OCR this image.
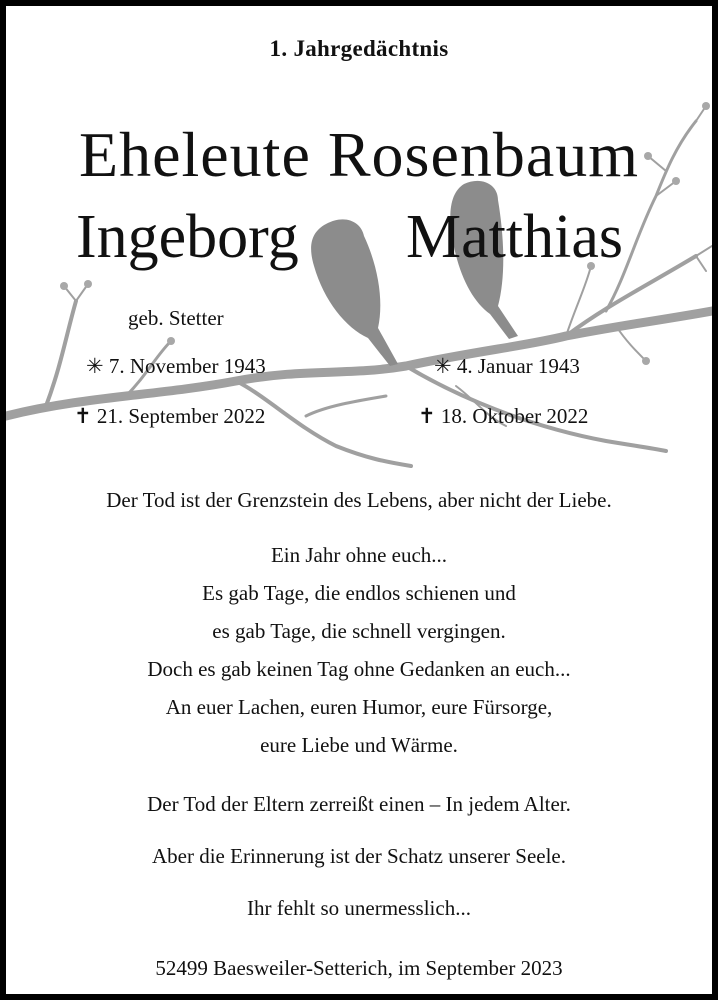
1. Jahrgedächtnis
Eheleute Rosenbaum
Ingeborg Matthias
geb. Stetter
✳ 7. November 1943
✝ 21. September 2022
✳ 4. Januar 1943
✝ 18. Oktober 2022
Der Tod ist der Grenzstein des Lebens, aber nicht der Liebe.
Ein Jahr ohne euch...
Es gab Tage, die endlos schienen und
es gab Tage, die schnell vergingen.
Doch es gab keinen Tag ohne Gedanken an euch...
An euer Lachen, euren Humor, eure Fürsorge,
eure Liebe und Wärme.
Der Tod der Eltern zerreißt einen – In jedem Alter.
Aber die Erinnerung ist der Schatz unserer Seele.
Ihr fehlt so unermesslich...
52499 Baesweiler-Setterich, im September 2023
